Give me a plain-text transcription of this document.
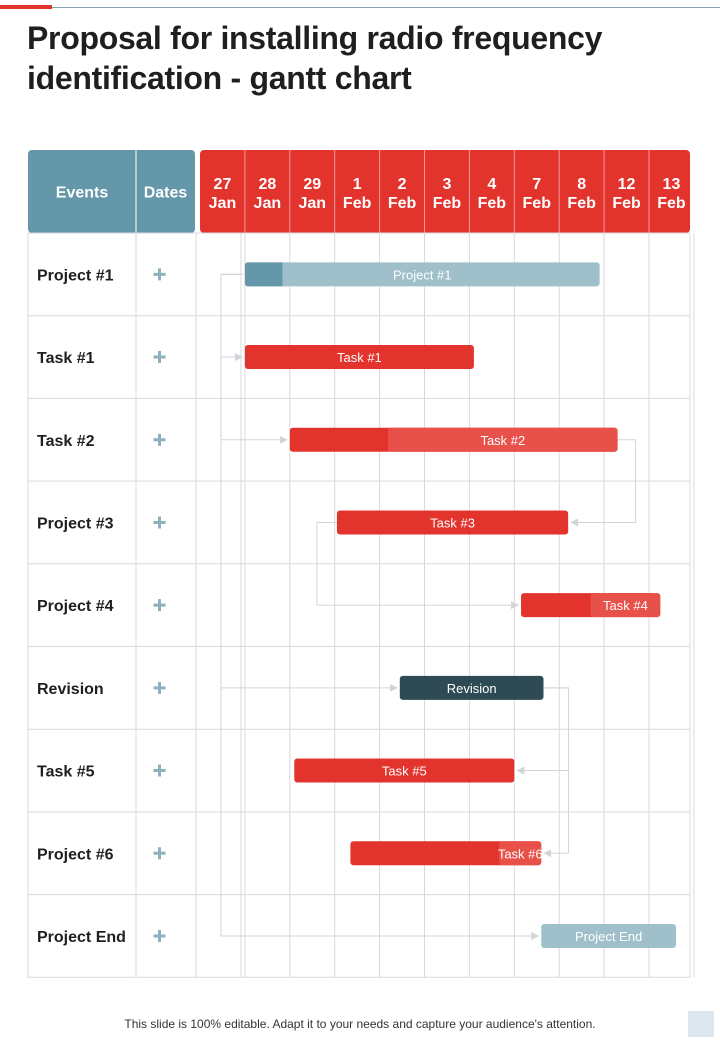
Proposal for installing radio frequency identification - gantt chart
Events Dates 27
Jan
28
Jan
29
Jan
1
Feb
2
Feb
3
Feb
4
Feb
7
Feb
8
Feb
12
Feb
13
Feb
Project #1
Task #1
Task #2
Project #3
Project #4
Revision
Task #5
Project #6
Project End
Project #1
Task #1
Task #2
Task #3
Task #4
Revision
Task #5
Task #6
Project End
This slide is 100% editable. Adapt it to your needs and capture your audience's attention.
